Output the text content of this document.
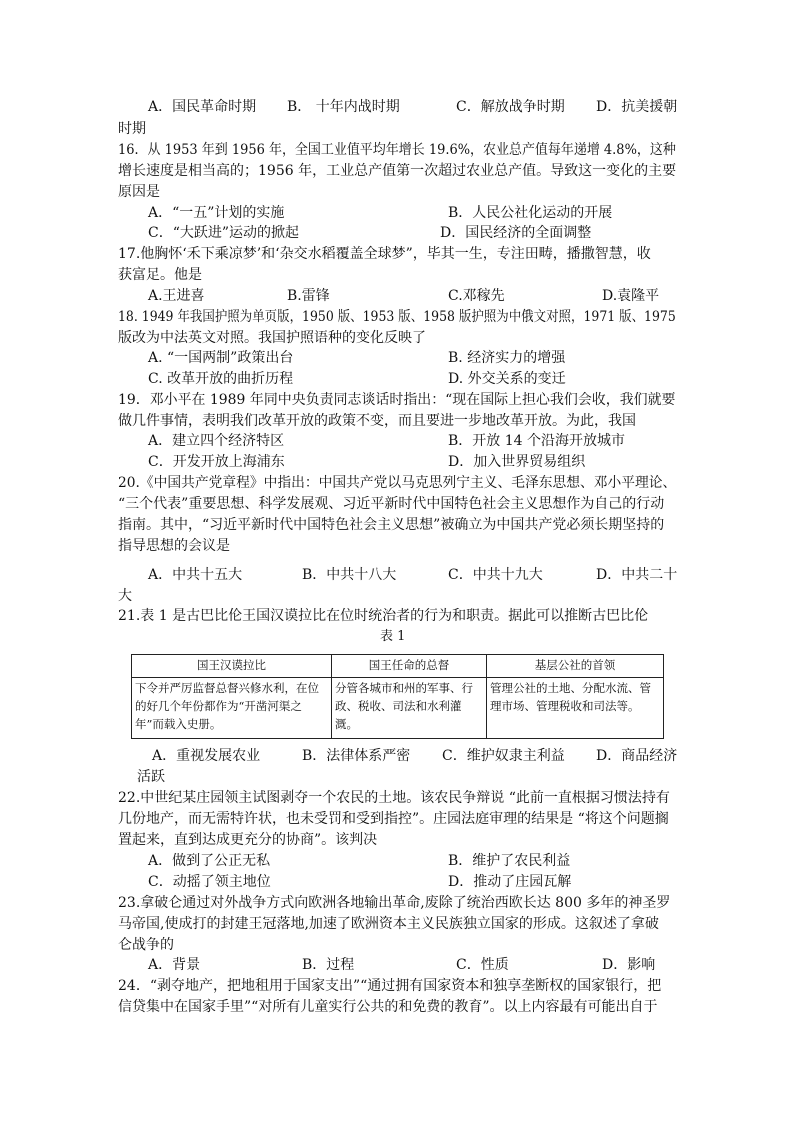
A．国民革命时期 B． 十年内战时期	C．解放战争时期 D．抗美援朝
时期
16．从 1953 年到 1956 年，全国工业值平均年增长 19.6%，农业总产值每年递增 4.8%，这种
增长速度是相当高的；1956 年，工业总产值第一次超过农业总产值。导致这一变化的主要
原因是
A．“一五”计划的实施	B．人民公社化运动的开展
C．“大跃进”运动的掀起	D．国民经济的全面调整
17.他胸怀‘禾下乘凉梦’和‘杂交水稻覆盖全球梦”，毕其一生，专注田畴，播撒智慧，收
获富足。他是
A.王进喜	B.雷锋	C.邓稼先	D.袁隆平
18. 1949 年我国护照为单页版，1950 版、1953 版、1958 版护照为中俄文对照，1971 版、1975
版改为中法英文对照。我国护照语种的变化反映了
A. “一国两制”政策出台	B. 经济实力的增强
C. 改革开放的曲折历程	D. 外交关系的变迁
19．邓小平在 1989 年同中央负责同志谈话时指出：“现在国际上担心我们会收，我们就要
做几件事情，表明我们改革开放的政策不变，而且要进一步地改革开放。为此，我国
A．建立四个经济特区	B．开放 14 个沿海开放城市
C．开发开放上海浦东	D．加入世界贸易组织
20.《中国共产党章程》中指出：中国共产党以马克思列宁主义、毛泽东思想、邓小平理论、
“三个代表”重要思想、科学发展观、习近平新时代中国特色社会主义思想作为自己的行动
指南。其中，“习近平新时代中国特色社会主义思想”被确立为中国共产党必须长期坚持的
指导思想的会议是
A．中共十五大	B．中共十八大	C．中共十九大	D．中共二十
大
21.表 1 是古巴比伦王国汉谟拉比在位时统治者的行为和职责。据此可以推断古巴比伦
表 1
国王汉谟拉比	国王任命的总督	基层公社的首领
下令并严厉监督总督兴修水利，在位的好几个年份都作为“开凿河渠之年”而载入史册。	分管各城市和州的军事、行政、税收、司法和水利灌溉。	管理公社的土地、分配水流、管理市场、管理税收和司法等。
A．重视发展农业	B．法律体系严密 C．维护奴隶主利益 D．商品经济
活跃
22.中世纪某庄园领主试图剥夺一个农民的土地。该农民争辩说 “此前一直根据习惯法持有
几份地产，而无需特许状，也未受罚和受到指控”。庄园法庭审理的结果是 “将这个问题搁
置起来，直到达成更充分的协商”。该判决
A．做到了公正无私	B．维护了农民利益
C．动摇了领主地位	D．推动了庄园瓦解
23.拿破仑通过对外战争方式向欧洲各地输出革命,废除了统治西欧长达 800 多年的神圣罗
马帝国,使成打的封建王冠落地,加速了欧洲资本主义民族独立国家的形成。这叙述了拿破
仑战争的
A．背景	B．过程	C．性质	D．影响
24．“剥夺地产，把地租用于国家支出”“通过拥有国家资本和独享垄断权的国家银行，把
信贷集中在国家手里”“对所有儿童实行公共的和免费的教育”。以上内容最有可能出自于
